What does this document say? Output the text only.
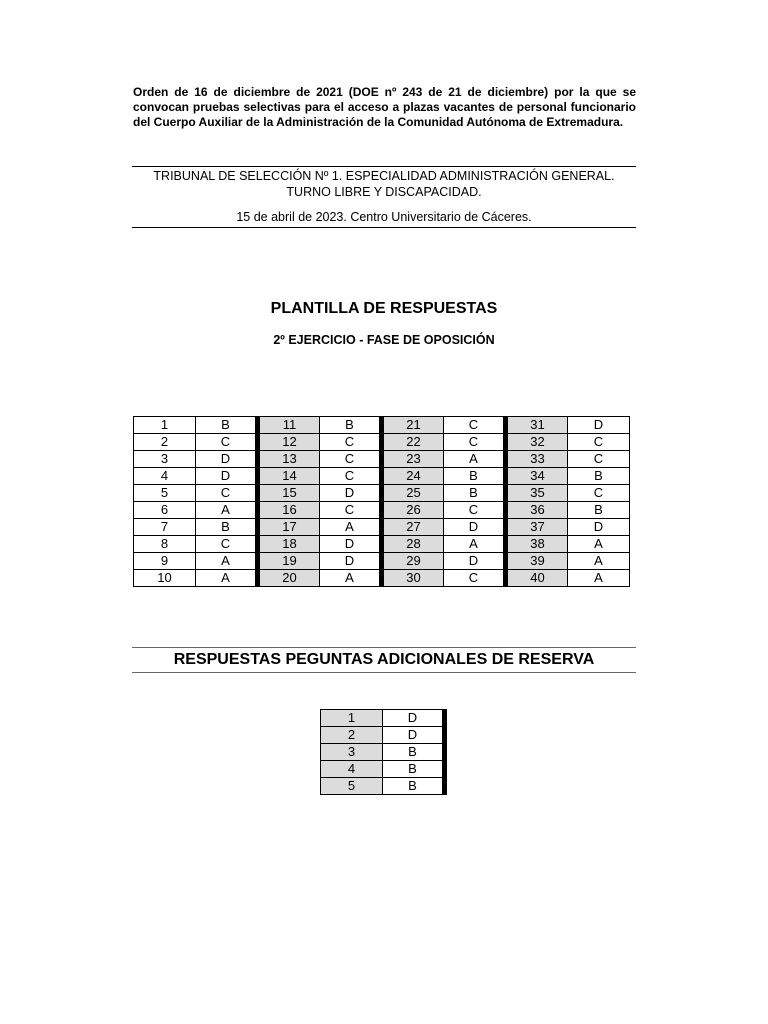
Orden de 16 de diciembre de 2021 (DOE nº 243 de 21 de diciembre) por la que se convocan pruebas selectivas para el acceso a plazas vacantes de personal funcionario del Cuerpo Auxiliar de la Administración de la Comunidad Autónoma de Extremadura.
TRIBUNAL DE SELECCIÓN Nº 1. ESPECIALIDAD ADMINISTRACIÓN GENERAL.
TURNO LIBRE Y DISCAPACIDAD.
15 de abril de 2023. Centro Universitario de Cáceres.
PLANTILLA DE RESPUESTAS
2º EJERCICIO - FASE DE OPOSICIÓN
1	B	11	B	21	C	31	D
2	C	12	C	22	C	32	C
3	D	13	C	23	A	33	C
4	D	14	C	24	B	34	B
5	C	15	D	25	B	35	C
6	A	16	C	26	C	36	B
7	B	17	A	27	D	37	D
8	C	18	D	28	A	38	A
9	A	19	D	29	D	39	A
10	A	20	A	30	C	40	A
RESPUESTAS PEGUNTAS ADICIONALES DE RESERVA
1	D
2	D
3	B
4	B
5	B
